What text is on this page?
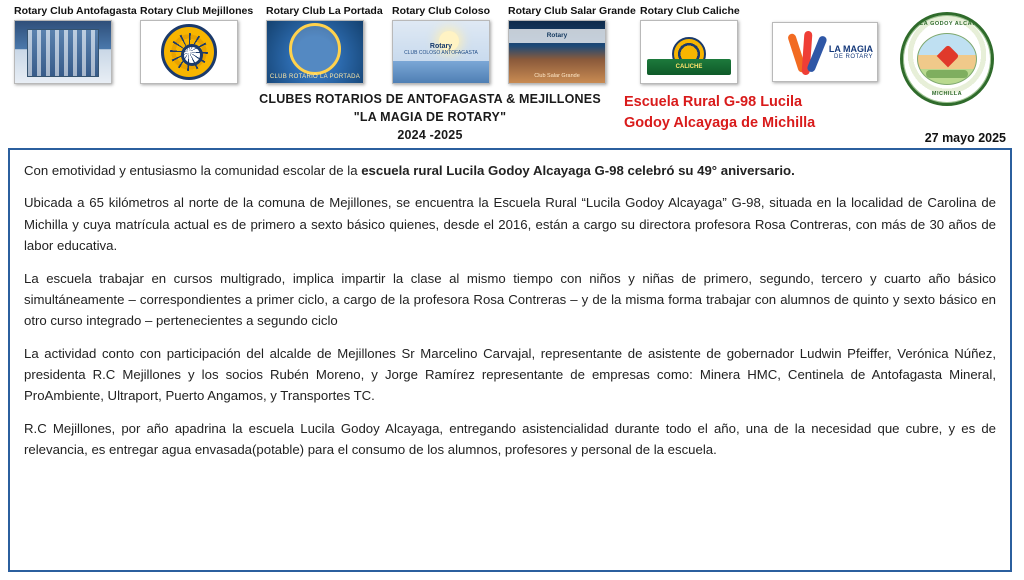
Rotary Club Antofagasta Rotary Club Mejillones Rotary Club La Portada
CLUB ROTARIO LA PORTADA
Rotary Club Coloso
Rotary
CLUB COLOSO ANTOFAGASTA
Rotary Club Salar Grande
Rotary
Club Salar Grande
Rotary Club Caliche
CALICHE
LA MAGIA
DE ROTARY
LUCILA GODOY ALCAYAGA
MICHILLA
CLUBES ROTARIOS DE ANTOFAGASTA & MEJILLONES
"LA MAGIA DE ROTARY"
2024 -2025
Escuela Rural G-98 Lucila
Godoy Alcayaga de Michilla
27 mayo 2025

Con emotividad y entusiasmo la comunidad escolar de la escuela rural Lucila Godoy Alcayaga G-98 celebró su 49° aniversario.

Ubicada a 65 kilómetros al norte de la comuna de Mejillones, se encuentra la Escuela Rural “Lucila Godoy Alcayaga” G-98, situada en la localidad de Carolina de Michilla y cuya matrícula actual es de primero a sexto básico quienes, desde el 2016, están a cargo su directora profesora Rosa Contreras, con más de 30 años de labor educativa.

La escuela trabajar en cursos multigrado, implica impartir la clase al mismo tiempo con niños y niñas de primero, segundo, tercero y cuarto año básico simultáneamente – correspondientes a primer ciclo, a cargo de la profesora Rosa Contreras – y de la misma forma trabajar con alumnos de quinto y sexto básico en otro curso integrado – pertenecientes a segundo ciclo

La actividad conto con participación del alcalde de Mejillones Sr Marcelino Carvajal, representante de asistente de gobernador Ludwin Pfeiffer, Verónica Núñez, presidenta R.C Mejillones y los socios Rubén Moreno, y Jorge Ramírez representante de empresas como: Minera HMC, Centinela de Antofagasta Mineral, ProAmbiente, Ultraport, Puerto Angamos, y Transportes TC.

R.C Mejillones, por año apadrina la escuela Lucila Godoy Alcayaga, entregando asistencialidad durante todo el año, una de la necesidad que cubre, y es de relevancia, es entregar agua envasada(potable) para el consumo de los alumnos, profesores y personal de la escuela.
